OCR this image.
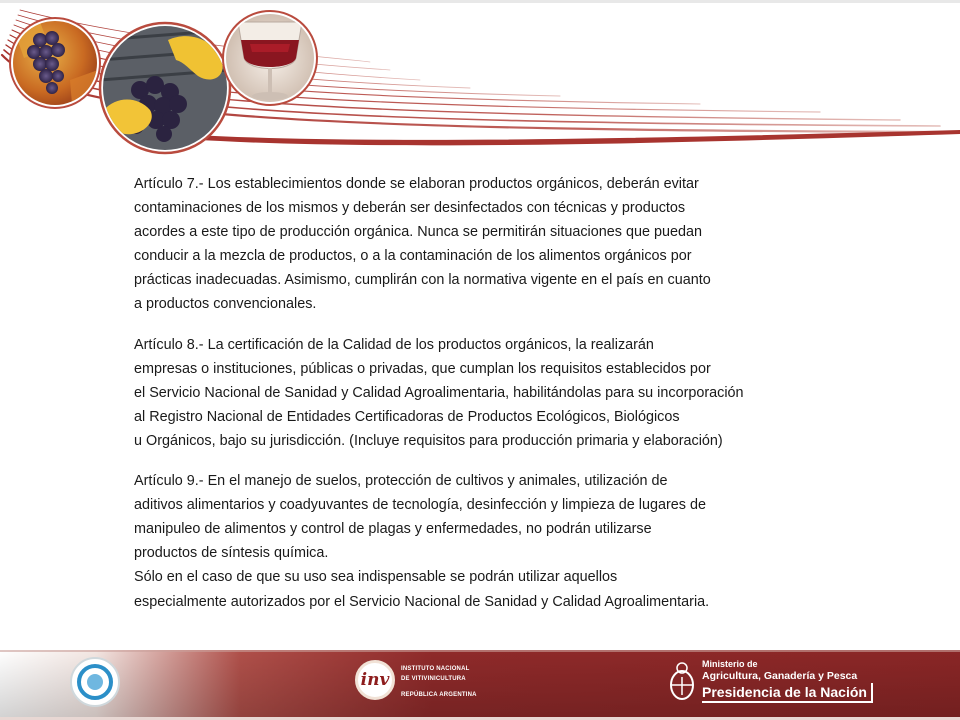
Artículo 7.- Los establecimientos donde se elaboran productos orgánicos, deberán evitar
contaminaciones de los mismos y deberán ser desinfectados con técnicas y productos
acordes a este tipo de producción orgánica. Nunca se permitirán situaciones que puedan
conducir a la mezcla de productos, o a la contaminación de los alimentos orgánicos por
prácticas inadecuadas. Asimismo, cumplirán con la normativa vigente en el país en cuanto
a productos convencionales.
Artículo 8.- La certificación de la Calidad de los productos orgánicos, la realizarán
empresas o instituciones, públicas o privadas, que cumplan los requisitos establecidos por
el Servicio Nacional de Sanidad y Calidad Agroalimentaria, habilitándolas para su incorporación
al Registro Nacional de Entidades Certificadoras de Productos Ecológicos, Biológicos
u Orgánicos, bajo su jurisdicción. (Incluye requisitos para producción primaria y elaboración)
Artículo 9.- En el manejo de suelos, protección de cultivos y animales, utilización de
aditivos alimentarios y coadyuvantes de tecnología, desinfección y limpieza de lugares de
manipuleo de alimentos y control de plagas y enfermedades, no podrán utilizarse
productos de síntesis química.
Sólo en el caso de que su uso sea indispensable se podrán utilizar aquellos
especialmente autorizados por el Servicio Nacional de Sanidad y Calidad Agroalimentaria.
inv
INSTITUTO NACIONAL
DE VITIVINICULTURA
REPÚBLICA ARGENTINA
Ministerio de
Agricultura, Ganadería y Pesca
Presidencia de la Nación
